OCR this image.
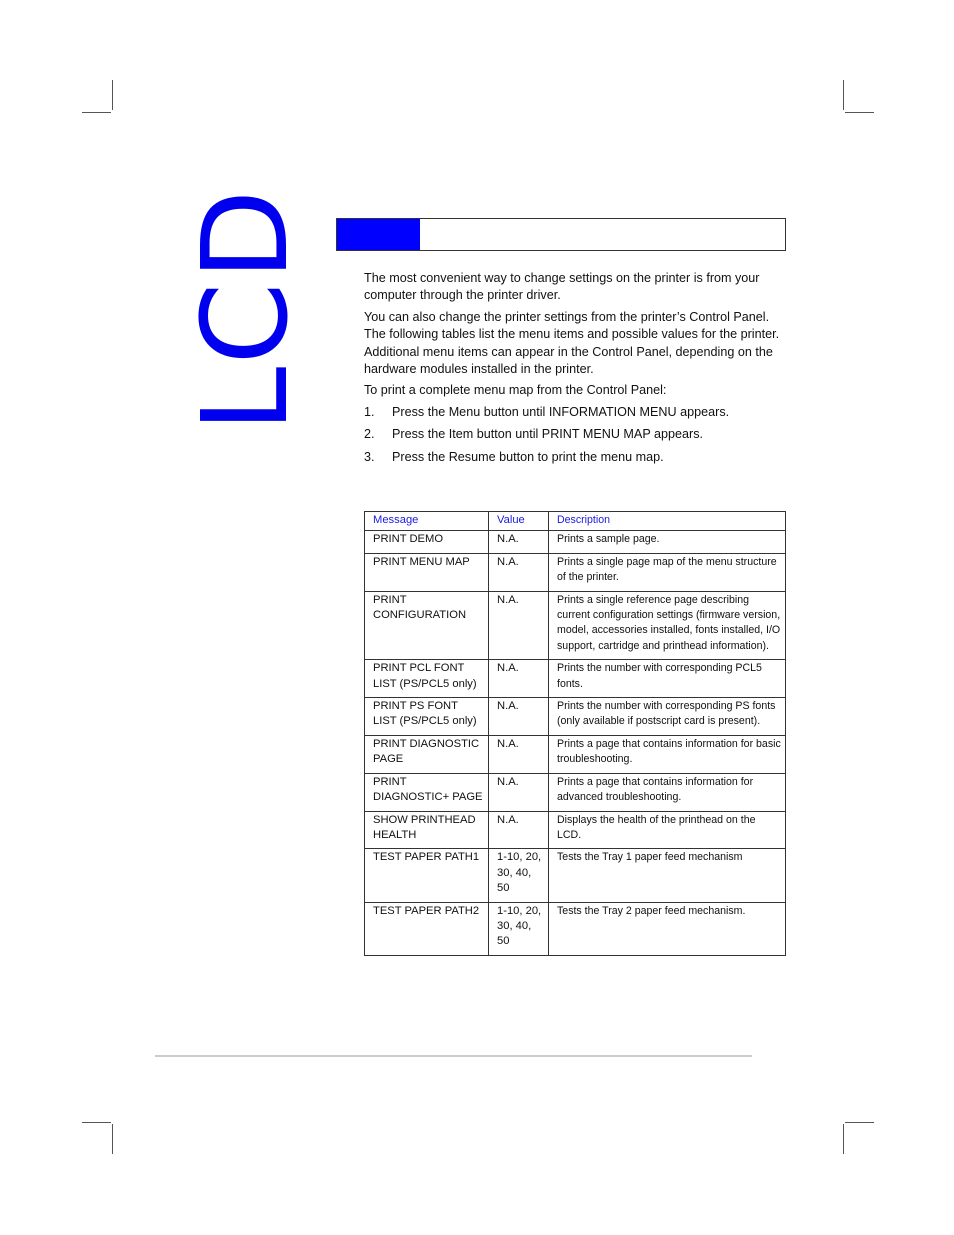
LCD	The most convenient way to change settings on the printer is from your computer through the printer driver.

You can also change the printer settings from the printer’s Control Panel. The following tables list the menu items and possible values for the printer. Additional menu items can appear in the Control Panel, depending on the hardware modules installed in the printer.

To print a complete menu map from the Control Panel:

1.	Press the Menu button until INFORMATION MENU appears.
2.	Press the Item button until PRINT MENU MAP appears.
3.	Press the Resume button to print the menu map.
Message	Value	Description
PRINT DEMO	N.A.	Prints a sample page.
PRINT MENU MAP	N.A.	Prints a single page map of the menu structure of the printer.
PRINT CONFIGURATION	N.A.	Prints a single reference page describing current configuration settings (firmware version, model, accessories installed, fonts installed, I/O support, cartridge and printhead information).
PRINT PCL FONT LIST (PS/PCL5 only)	N.A.	Prints the number with corresponding PCL5 fonts.
PRINT PS FONT LIST (PS/PCL5 only)	N.A.	Prints the number with corresponding PS fonts (only available if postscript card is present).
PRINT DIAGNOSTIC PAGE	N.A.	Prints a page that contains information for basic troubleshooting.
PRINT DIAGNOSTIC+ PAGE	N.A.	Prints a page that contains information for advanced troubleshooting.
SHOW PRINTHEAD HEALTH	N.A.	Displays the health of the printhead on the LCD.
TEST PAPER PATH1	1-10, 20, 30, 40, 50	Tests the Tray 1 paper feed mechanism
TEST PAPER PATH2	1-10, 20, 30, 40, 50	Tests the Tray 2 paper feed mechanism.
